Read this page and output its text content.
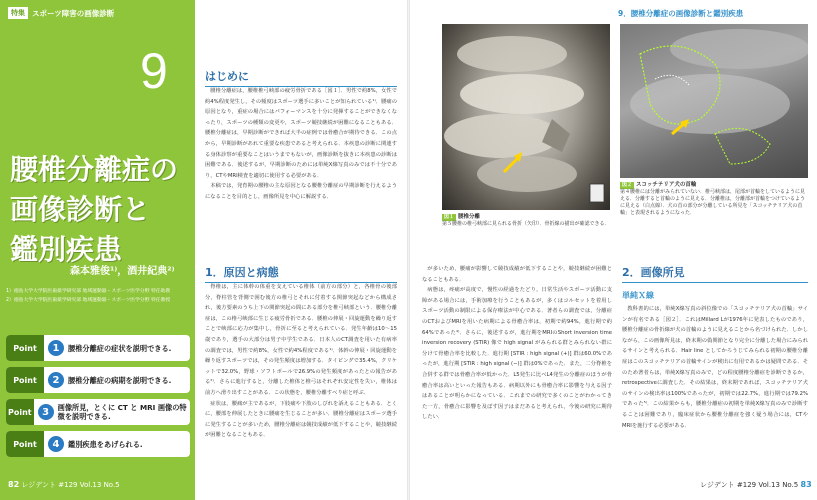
特集 スポーツ障害の画像診断
9
腰椎分離症の
画像診断と
鑑別疾患
森本雅俊¹⁾，酒井紀典²⁾
1）徳島大学大学院医歯薬学研究部 地域運動器・スポーツ医学分野 特任助教
2）徳島大学大学院医歯薬学研究部 地域運動器・スポーツ医学分野 特任教授
Point	1	腰椎分離症の症状を説明できる.
Point	2	腰椎分離症の病期を説明できる.
Point	3	画像所見，とくに CT と MRI 画像の特徴を説明できる.
Point	4	鑑別疾患をあげられる.
82 レジデント #129 Vol.13 No.5
はじめに

腰椎分離症は，腰椎椎弓峡部の疲労骨折である［図１］．男性で約8%，女性で約4%程度発生し，その頻度はスポーツ選手に多いことが知られている¹⁾．腰痛の原因となり，重症の場合にはパフォーマンスを十分に発揮することができなくなったり，スポーツの種類の変更や，スポーツ競技継続が困難になることもある．腰椎分離症は，早期診断ができれば大半の症例では骨癒合が期待できる．この点から，早期診断があれて重要な疾患であると考えられる．本疾患の診断に関連する身体診察が重要なことはいうまでもないが，画像診断を抜きに本疾患の診断は困難である．後述するが，早期診断のためには単純X線写真のみでは不十分であり，CTやMRI検査を適切に使用する必要がある．

本稿では，発育期の腰椎の主な原因となる腰椎分離症の早期診断を行えるようになることを目的とし，画像所見を中心に解説する．

1．原因と病態

脊椎は，主に体幹の体重を支えている椎体（前方の部分）と，各椎骨の後部分，脊柱管を背側で囲む後方の椎弓とそれに付着する関節突起などから構成され，後方要素のうち上下の関節突起の間にある部分を椎弓峡部という．腰椎分離症は，この椎弓峡部に生じる疲労骨折である．腰椎の伸展・回旋運動を繰り返すことで峡部に応力が集中し，骨折に至ると考えられている．発生年齢は10〜15歳であり，選手の大部分は男子中学生である．日本人のCT調査を用いた有病率の調査では，男性で約8%，女性で約4%程度である¹⁾．体幹の伸展・回旋運動を繰り返すスポーツでは，その発生頻度は増加する．タイピングで35.4%，クリケットで32.0%，野球・ソフトボールで26.9%の発生頻度があったとの報告がある²⁾．さらに進行すると，分離した椎体と椎弓はそれぞれ安定性を失い，椎体は前方へ滑り出すことがある．この状態を，腰椎分離すべり症と呼ぶ．

症状は，腰痛が主であるが，下肢痛や下肢のしびれを訴えることもある．とくに，腰部を伸展したときに腰痛を生じることが多い．腰椎分離症はスポーツ選手に発生することが多いため，腰椎分離症は競技成績が低下することや，競技継続が困難となることもある．

9．腰椎分離症の画像診断と鑑別疾患
図１ 腰椎分離
第５腰椎の椎弓峡部に見られる骨折（矢印）．骨折線の描出が確認できる．
図２ スコッチテリア犬の首輪
第４腰椎には分離がみられていない．椎弓峡部は，尾部が首輪をしているように見える．分離すると首輪のように見える．分離椎は，分離部が首輪をつけているように見える（白点線）．犬の首の部分が分離している所見を「スコッチテリア犬の首輪」と表現されるようになった．

が多いため，腰痛が影響して競技成績が低下することや，競技継続が困難となることもある．

病態は，疼痛が高度で，慢性の経過をたどり，日常生活やスポーツ活動に支障がある場合には，手術加療を行うこともあるが，多くはコルセットを着用しスポーツ活動の制限による保存療法が中心である．著者らの調査では，分離症のCTおよびMRIを用いた病期による骨癒合率は，初期で約94%，進行期で約64%であった⁴⁾．さらに，後述するが，進行期をMRIのShort inversion time inversion recovery (STIR) 像で high signal がみられる群とみられない群に分けて骨癒合率を比較した．進行期 [STIR : high signal (+)] 群は60.0%であったが，進行期 [STIR : high signal (−)] 群は0%であった．また，二分脊椎を合併する群では骨癒合率が低かった．L5発生に比べL4発生の分離症のほうが骨癒合率は高いといった報告もある．病期以外にも骨癒合率に影響を与える因子はあることが明らかになっている．これまでの研究で多くのことがわかってきた一方，骨癒合に影響を及ぼす因子はまだあると考えられ，今後の研究に期待したい．

2．画像所見
単純Ｘ線

教科書的には，単純X線写真の斜位像での「スコッチテリア犬の首輪」サインが有名である［図２］．これはMillard Lが1976年に発表したものであり，腰椎分離症の骨折線が犬の首輪のように見えることから名づけられた．しかしながら，この画像所見は，終末期の偽関節となり完全に分離した場合にみられるサインと考えられる．Hair line としてかろうじてみられる初期の腰椎分離症はこのスコッチテリアの首輪サインが検出に有用であるかは疑問である．そのため著者らは，単純X線写真のみで，どの程度腰椎分離症を診断できるか，retrospectiveに調査した．その結果は，終末期であれば，スコッチテリア犬のサインの検出率は100%であったが，初期では22.7%，進行期では79.2%であった⁵⁾．この結果からも，腰椎分離症の初期を単純X線写真のみで診断することは困難であり，臨床症状から腰椎分離症を強く疑う場合には，CTやMRIを施行する必要がある．

レジデント #129 Vol.13 No.5 83
